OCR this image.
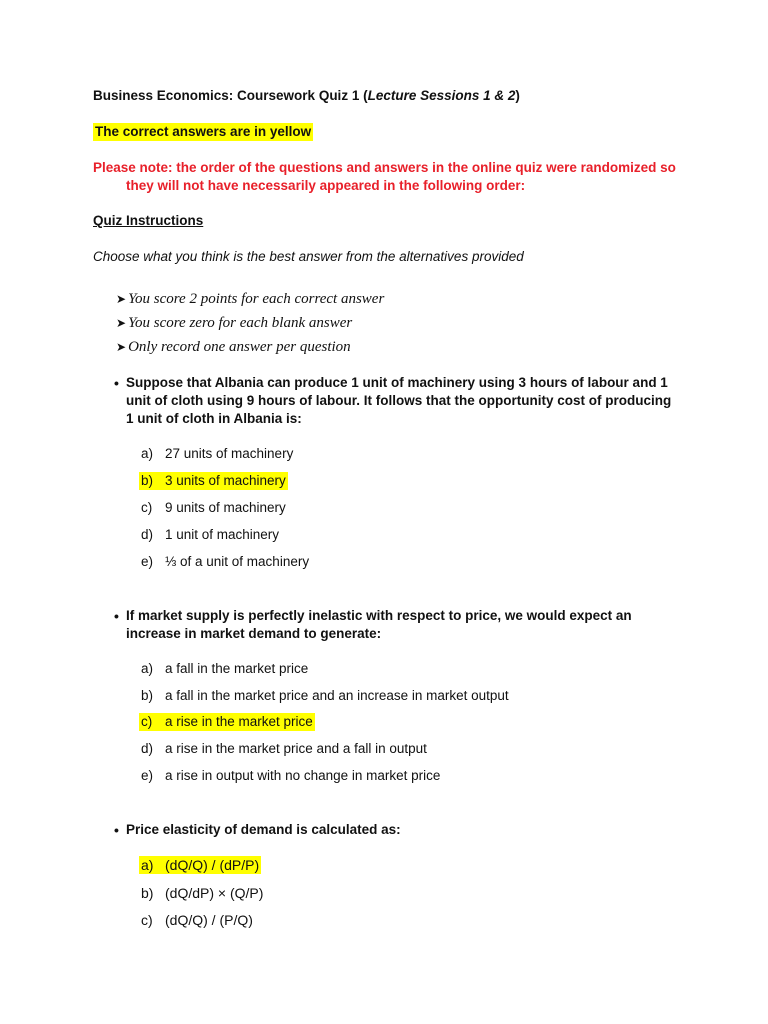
Business Economics: Coursework Quiz 1 (Lecture Sessions 1 & 2)
The correct answers are in yellow
Please note: the order of the questions and answers in the online quiz were randomized so
they will not have necessarily appeared in the following order:
Quiz Instructions
Choose what you think is the best answer from the alternatives provided
➤ You score 2 points for each correct answer
➤ You score zero for each blank answer
➤ Only record one answer per question
• Suppose that Albania can produce 1 unit of machinery using 3 hours of labour and 1
unit of cloth using 9 hours of labour. It follows that the opportunity cost of producing
1 unit of cloth in Albania is:
a) 27 units of machinery
b) 3 units of machinery
c) 9 units of machinery
d) 1 unit of machinery
e) ⅓ of a unit of machinery
• If market supply is perfectly inelastic with respect to price, we would expect an
increase in market demand to generate:
a) a fall in the market price
b) a fall in the market price and an increase in market output
c) a rise in the market price
d) a rise in the market price and a fall in output
e) a rise in output with no change in market price
• Price elasticity of demand is calculated as:
a) (dQ/Q) / (dP/P)
b) (dQ/dP) × (Q/P)
c) (dQ/Q) / (P/Q)
